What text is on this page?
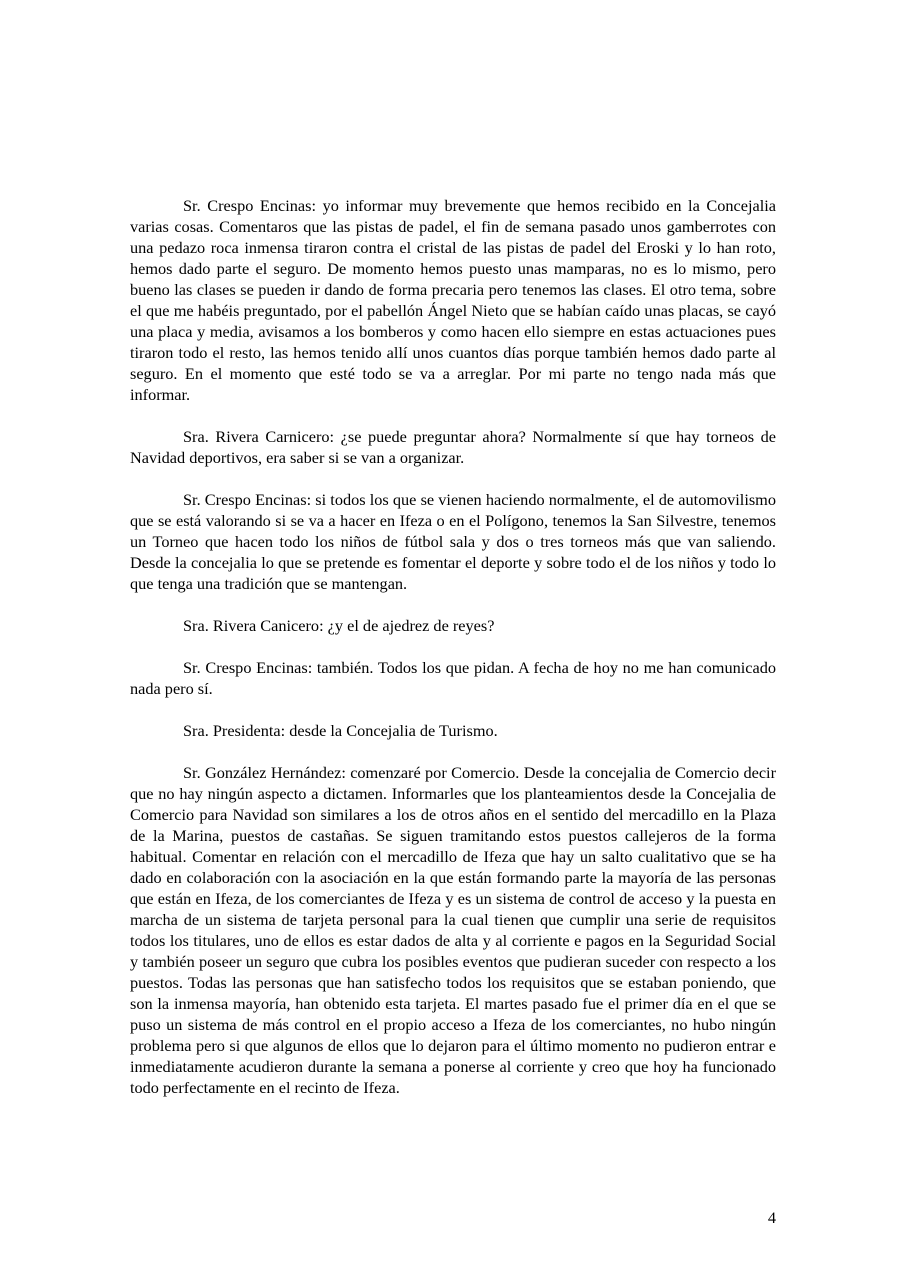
Sr. Crespo Encinas: yo informar muy brevemente que hemos recibido en la Concejalia varias cosas. Comentaros que las pistas de padel, el fin de semana pasado unos gamberrotes con una pedazo roca inmensa tiraron contra el cristal de las pistas de padel del Eroski y lo han roto, hemos dado parte el seguro. De momento hemos puesto unas mamparas, no es lo mismo, pero bueno las clases se pueden ir dando de forma precaria pero tenemos las clases. El otro tema, sobre el que me habéis preguntado, por el pabellón Ángel Nieto que se habían caído unas placas, se cayó una placa y media, avisamos a los bomberos y como hacen ello siempre en estas actuaciones pues tiraron todo el resto, las hemos tenido allí unos cuantos días porque también hemos dado parte al seguro. En el momento que esté todo se va a arreglar. Por mi parte no tengo nada más que informar.

Sra. Rivera Carnicero: ¿se puede preguntar ahora? Normalmente sí que hay torneos de Navidad deportivos, era saber si se van a organizar.

Sr. Crespo Encinas: si todos los que se vienen haciendo normalmente, el de automovilismo que se está valorando si se va a hacer en Ifeza o en el Polígono, tenemos la San Silvestre, tenemos un Torneo que hacen todo los niños de fútbol sala y dos o tres torneos más que van saliendo. Desde la concejalia lo que se pretende es fomentar el deporte y sobre todo el de los niños y todo lo que tenga una tradición que se mantengan.

Sra. Rivera Canicero: ¿y el de ajedrez de reyes?

Sr. Crespo Encinas: también. Todos los que pidan. A fecha de hoy no me han comunicado nada pero sí.

Sra. Presidenta: desde la Concejalia de Turismo.

Sr. González Hernández: comenzaré por Comercio. Desde la concejalia de Comercio decir que no hay ningún aspecto a dictamen. Informarles que los planteamientos desde la Concejalia de Comercio para Navidad son similares a los de otros años en el sentido del mercadillo en la Plaza de la Marina, puestos de castañas. Se siguen tramitando estos puestos callejeros de la forma habitual. Comentar en relación con el mercadillo de Ifeza que hay un salto cualitativo que se ha dado en colaboración con la asociación en la que están formando parte la mayoría de las personas que están en Ifeza, de los comerciantes de Ifeza y es un sistema de control de acceso y la puesta en marcha de un sistema de tarjeta personal para la cual tienen que cumplir una serie de requisitos todos los titulares, uno de ellos es estar dados de alta y al corriente e pagos en la Seguridad Social y también poseer un seguro que cubra los posibles eventos que pudieran suceder con respecto a los puestos. Todas las personas que han satisfecho todos los requisitos que se estaban poniendo, que son la inmensa mayoría, han obtenido esta tarjeta. El martes pasado fue el primer día en el que se puso un sistema de más control en el propio acceso a Ifeza de los comerciantes, no hubo ningún problema pero si que algunos de ellos que lo dejaron para el último momento no pudieron entrar e inmediatamente acudieron durante la semana a ponerse al corriente y creo que hoy ha funcionado todo perfectamente en el recinto de Ifeza.

4
